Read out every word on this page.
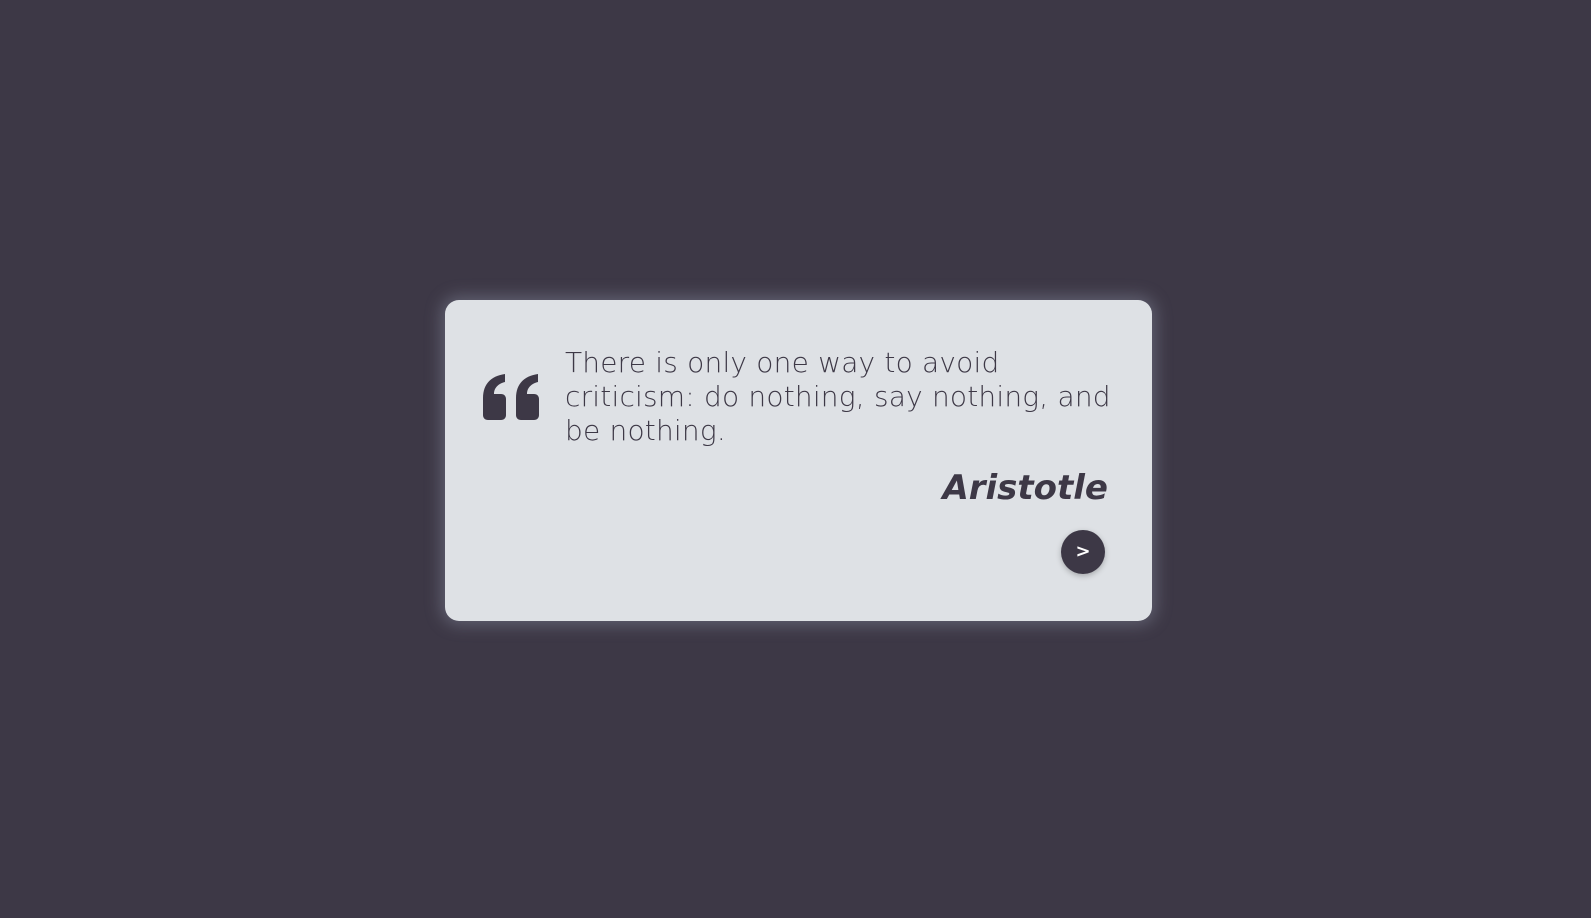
There is only one way to avoid criticism: do nothing, say nothing, and be nothing.

Aristotle

>
